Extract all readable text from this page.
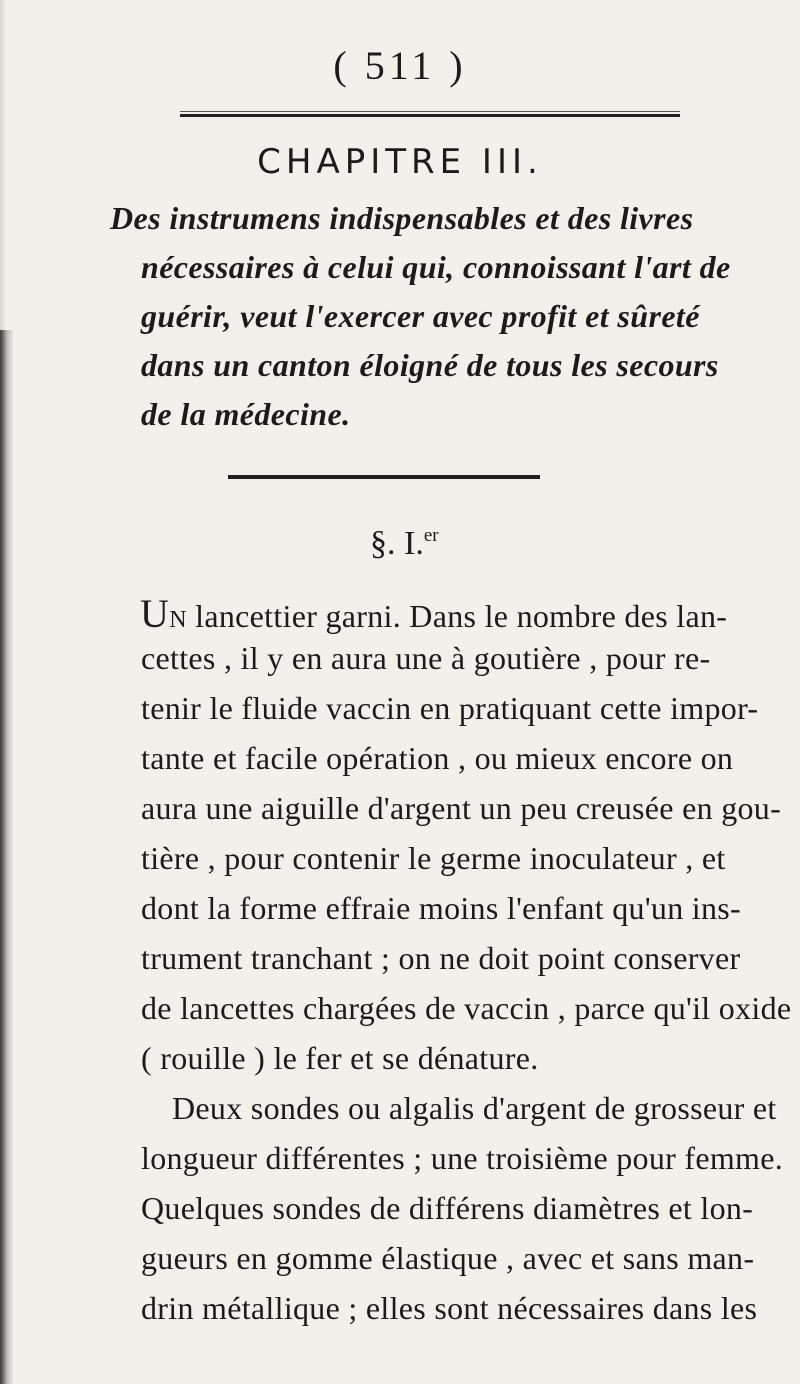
( 511 )
CHAPITRE III.
Des instrumens indispensables et des livres
nécessaires à celui qui, connoissant l'art de
guérir, veut l'exercer avec profit et sûreté
dans un canton éloigné de tous les secours
de la médecine.
§. I.$^{er}$
UN lancettier garni. Dans le nombre des lan-
cettes , il y en aura une à goutière , pour re-
tenir le fluide vaccin en pratiquant cette impor-
tante et facile opération , ou mieux encore on
aura une aiguille d'argent un peu creusée en gou-
tière , pour contenir le germe inoculateur , et
dont la forme effraie moins l'enfant qu'un ins-
trument tranchant ; on ne doit point conserver
de lancettes chargées de vaccin , parce qu'il oxide
( rouille ) le fer et se dénature.
Deux sondes ou algalis d'argent de grosseur et
longueur différentes ; une troisième pour femme.
Quelques sondes de différens diamètres et lon-
gueurs en gomme élastique , avec et sans man-
drin métallique ; elles sont nécessaires dans les
